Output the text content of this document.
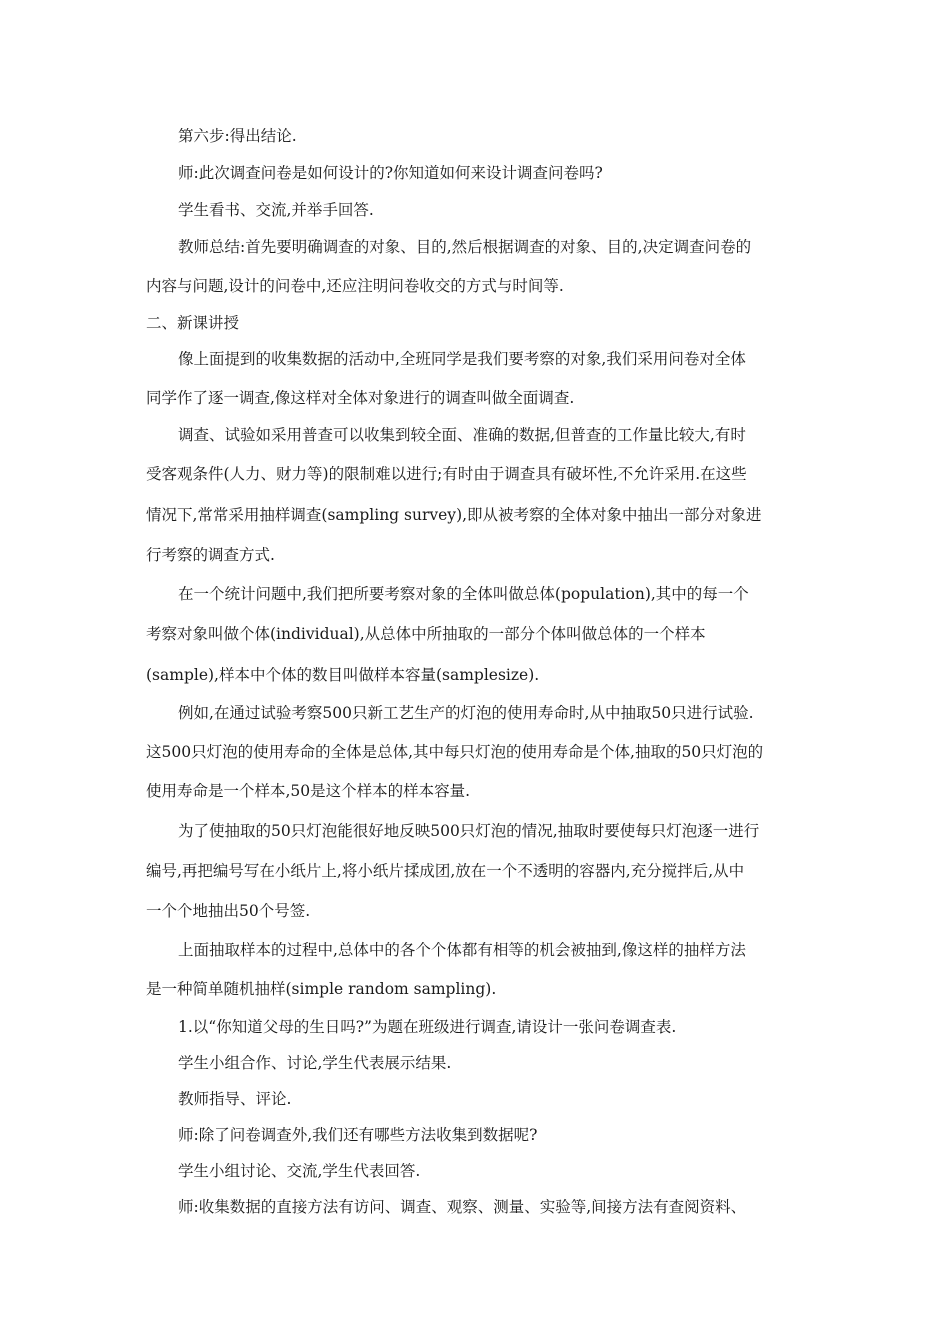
第六步:得出结论.
师:此次调查问卷是如何设计的?你知道如何来设计调查问卷吗?
学生看书、交流,并举手回答.
教师总结:首先要明确调查的对象、目的,然后根据调查的对象、目的,决定调查问卷的
内容与问题,设计的问卷中,还应注明问卷收交的方式与时间等.
二、新课讲授
像上面提到的收集数据的活动中,全班同学是我们要考察的对象,我们采用问卷对全体
同学作了逐一调查,像这样对全体对象进行的调查叫做全面调查.
调查、试验如采用普查可以收集到较全面、准确的数据,但普查的工作量比较大,有时
受客观条件(人力、财力等)的限制难以进行;有时由于调查具有破坏性,不允许采用.在这些
情况下,常常采用抽样调查(sampling survey),即从被考察的全体对象中抽出一部分对象进
行考察的调查方式.
在一个统计问题中,我们把所要考察对象的全体叫做总体(population),其中的每一个
考察对象叫做个体(individual),从总体中所抽取的一部分个体叫做总体的一个样本
(sample),样本中个体的数目叫做样本容量(samplesize).
例如,在通过试验考察500只新工艺生产的灯泡的使用寿命时,从中抽取50只进行试验.
这500只灯泡的使用寿命的全体是总体,其中每只灯泡的使用寿命是个体,抽取的50只灯泡的
使用寿命是一个样本,50是这个样本的样本容量.
为了使抽取的50只灯泡能很好地反映500只灯泡的情况,抽取时要使每只灯泡逐一进行
编号,再把编号写在小纸片上,将小纸片揉成团,放在一个不透明的容器内,充分搅拌后,从中
一个个地抽出50个号签.
上面抽取样本的过程中,总体中的各个个体都有相等的机会被抽到,像这样的抽样方法
是一种简单随机抽样(simple random sampling).
1.以“你知道父母的生日吗?”为题在班级进行调查,请设计一张问卷调查表.
学生小组合作、讨论,学生代表展示结果.
教师指导、评论.
师:除了问卷调查外,我们还有哪些方法收集到数据呢?
学生小组讨论、交流,学生代表回答.
师:收集数据的直接方法有访问、调查、观察、测量、实验等,间接方法有查阅资料、
